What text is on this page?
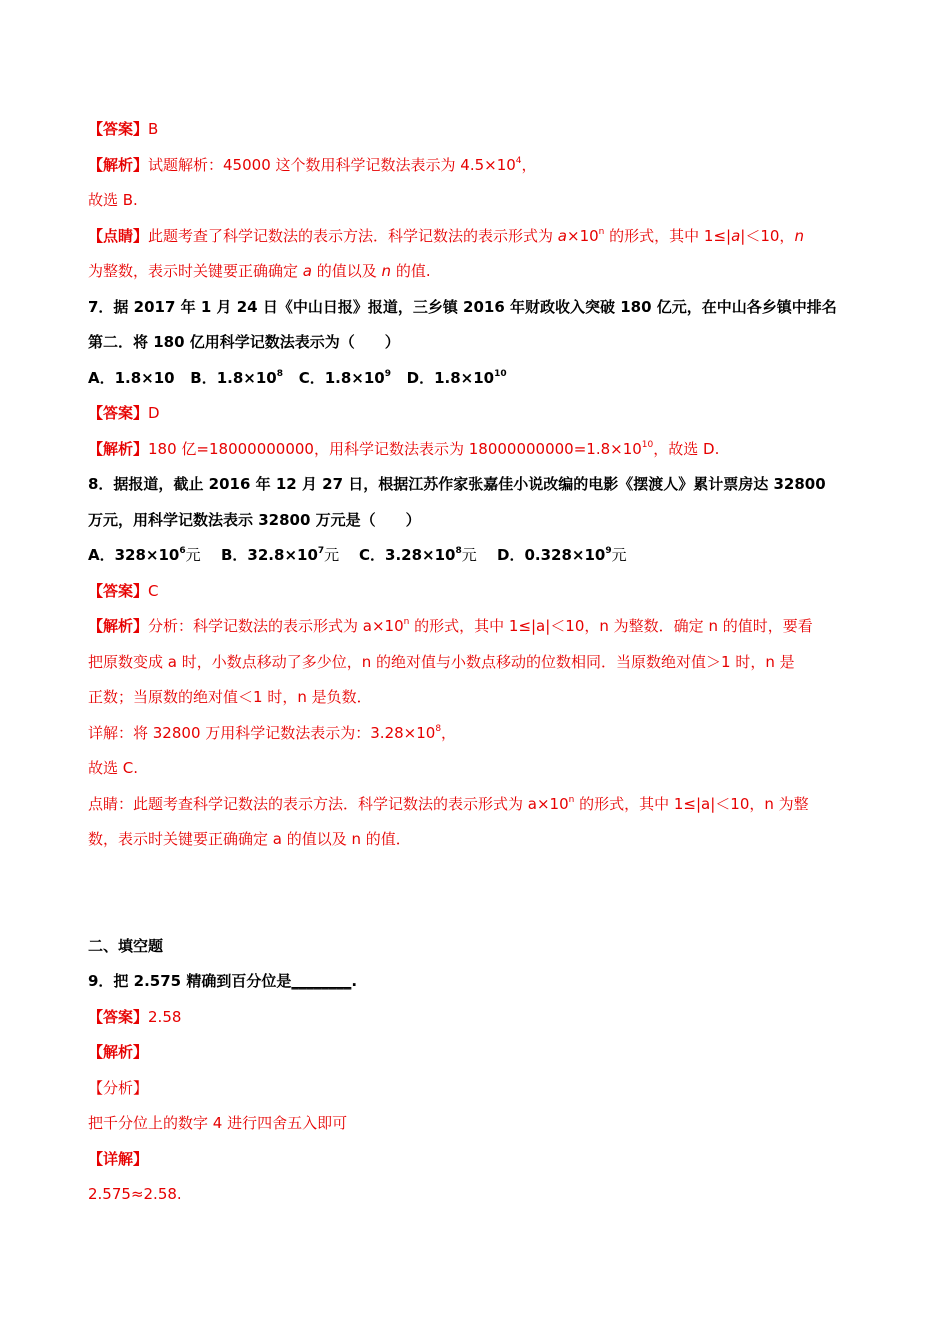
【答案】B
【解析】试题解析：45000 这个数用科学记数法表示为 $4.5\times 10^4$，
故选 B.
【点睛】此题考查了科学记数法的表示方法．科学记数法的表示形式为 $a\times 10^n$ 的形式，其中 1≤|a|＜10，n
为整数，表示时关键要正确确定 a 的值以及 n 的值.
7．据 2017 年 1 月 24 日《中山日报》报道，三乡镇 2016 年财政收入突破 180 亿元，在中山各乡镇中排名
第二．将 180 亿用科学记数法表示为（　　）
A．1.8×10 B．$1.8\times 10^8$ C．$1.8\times 10^9$ D．$1.8\times 10^{10}$
【答案】D
【解析】180 亿=18000000000，用科学记数法表示为 $18000000000=1.8\times 10^{10}$，故选 D.
8．据报道，截止 2016 年 12 月 27 日，根据江苏作家张嘉佳小说改编的电影《摆渡人》累计票房达 32800
万元，用科学记数法表示 32800 万元是（　　）
A．$328\times 10^6$元 B．$32.8\times 10^7$元 C．$3.28\times 10^8$元 D．$0.328\times 10^9$元
【答案】C
【解析】分析：科学记数法的表示形式为 $a\times 10^n$ 的形式，其中 1≤|a|＜10，n 为整数．确定 n 的值时，要看
把原数变成 a 时，小数点移动了多少位，n 的绝对值与小数点移动的位数相同．当原数绝对值＞1 时，n 是
正数；当原数的绝对值＜1 时，n 是负数．
详解：将 32800 万用科学记数法表示为：$3.28\times 10^8$，
故选 C.
点睛：此题考查科学记数法的表示方法．科学记数法的表示形式为 $a\times 10^n$ 的形式，其中 1≤|a|＜10，n 为整
数，表示时关键要正确确定 a 的值以及 n 的值．
二、填空题
9．把 2.575 精确到百分位是________.
【答案】2.58
【解析】
【分析】
把千分位上的数字 4 进行四舍五入即可
【详解】
2.575≈2.58.
